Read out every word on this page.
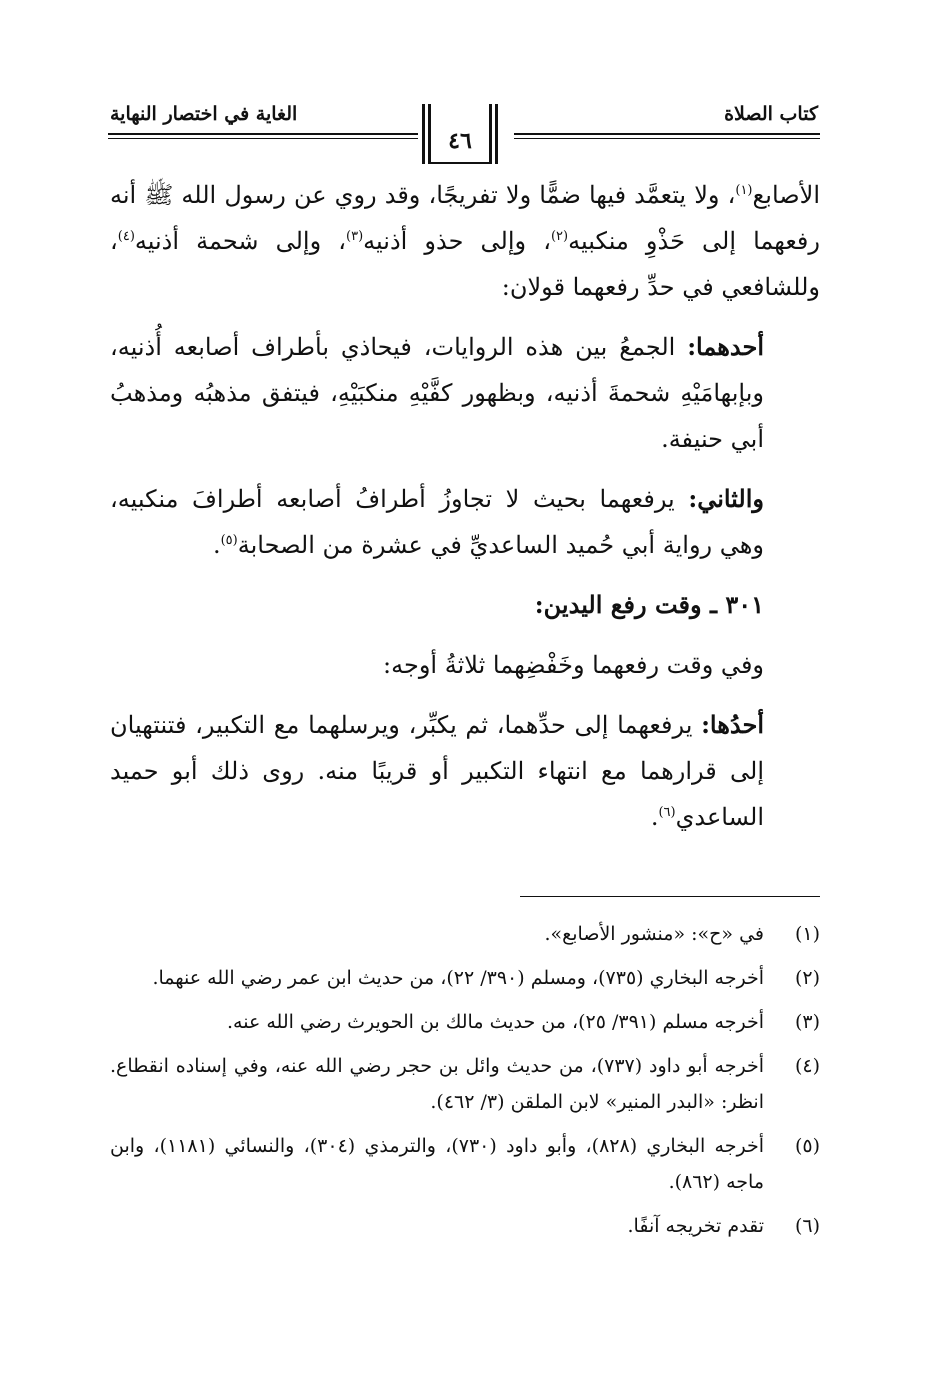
كتاب الصلاة
الغاية في اختصار النهاية
٤٦

الأصابع$^{(١)}$، ولا يتعمَّد فيها ضمًّا ولا تفريجًا، وقد روي عن رسول الله ﷺ أنه رفعهما إلى حَذْوِ منكبيه$^{(٢)}$، وإلى حذو أذنيه$^{(٣)}$، وإلى شحمة أذنيه$^{(٤)}$، وللشافعي في حدِّ رفعهما قولان:

أحدهما: الجمعُ بين هذه الروايات، فيحاذي بأطراف أصابعه أُذنيه، وبإبهامَيْهِ شحمةَ أذنيه، وبظهور كفَّيْهِ منكبَيْهِ، فيتفق مذهبُه ومذهبُ أبي حنيفة.

والثاني: يرفعهما بحيث لا تجاوزُ أطرافُ أصابعه أطرافَ منكبيه، وهي رواية أبي حُميد الساعديِّ في عشرة من الصحابة$^{(٥)}$.

٣٠١ ـ وقت رفع اليدين:

وفي وقت رفعهما وخَفْضِهما ثلاثةُ أوجه:

أحدُها: يرفعهما إلى حدِّهما، ثم يكبِّر، ويرسلهما مع التكبير، فتنتهيان إلى قرارهما مع انتهاء التكبير أو قريبًا منه. روى ذلك أبو حميد الساعدي$^{(٦)}$.

(١)
في «ح»: «منشور الأصابع».
(٢)
أخرجه البخاري (٧٣٥)، ومسلم (٣٩٠/ ٢٢)، من حديث ابن عمر رضي الله عنهما.
(٣)
أخرجه مسلم (٣٩١/ ٢٥)، من حديث مالك بن الحويرث رضي الله عنه.
(٤)
أخرجه أبو داود (٧٣٧)، من حديث وائل بن حجر رضي الله عنه، وفي إسناده انقطاع. انظر: «البدر المنير» لابن الملقن (٣/ ٤٦٢).
(٥)
أخرجه البخاري (٨٢٨)، وأبو داود (٧٣٠)، والترمذي (٣٠٤)، والنسائي (١١٨١)، وابن ماجه (٨٦٢).
(٦)
تقدم تخريجه آنفًا.
